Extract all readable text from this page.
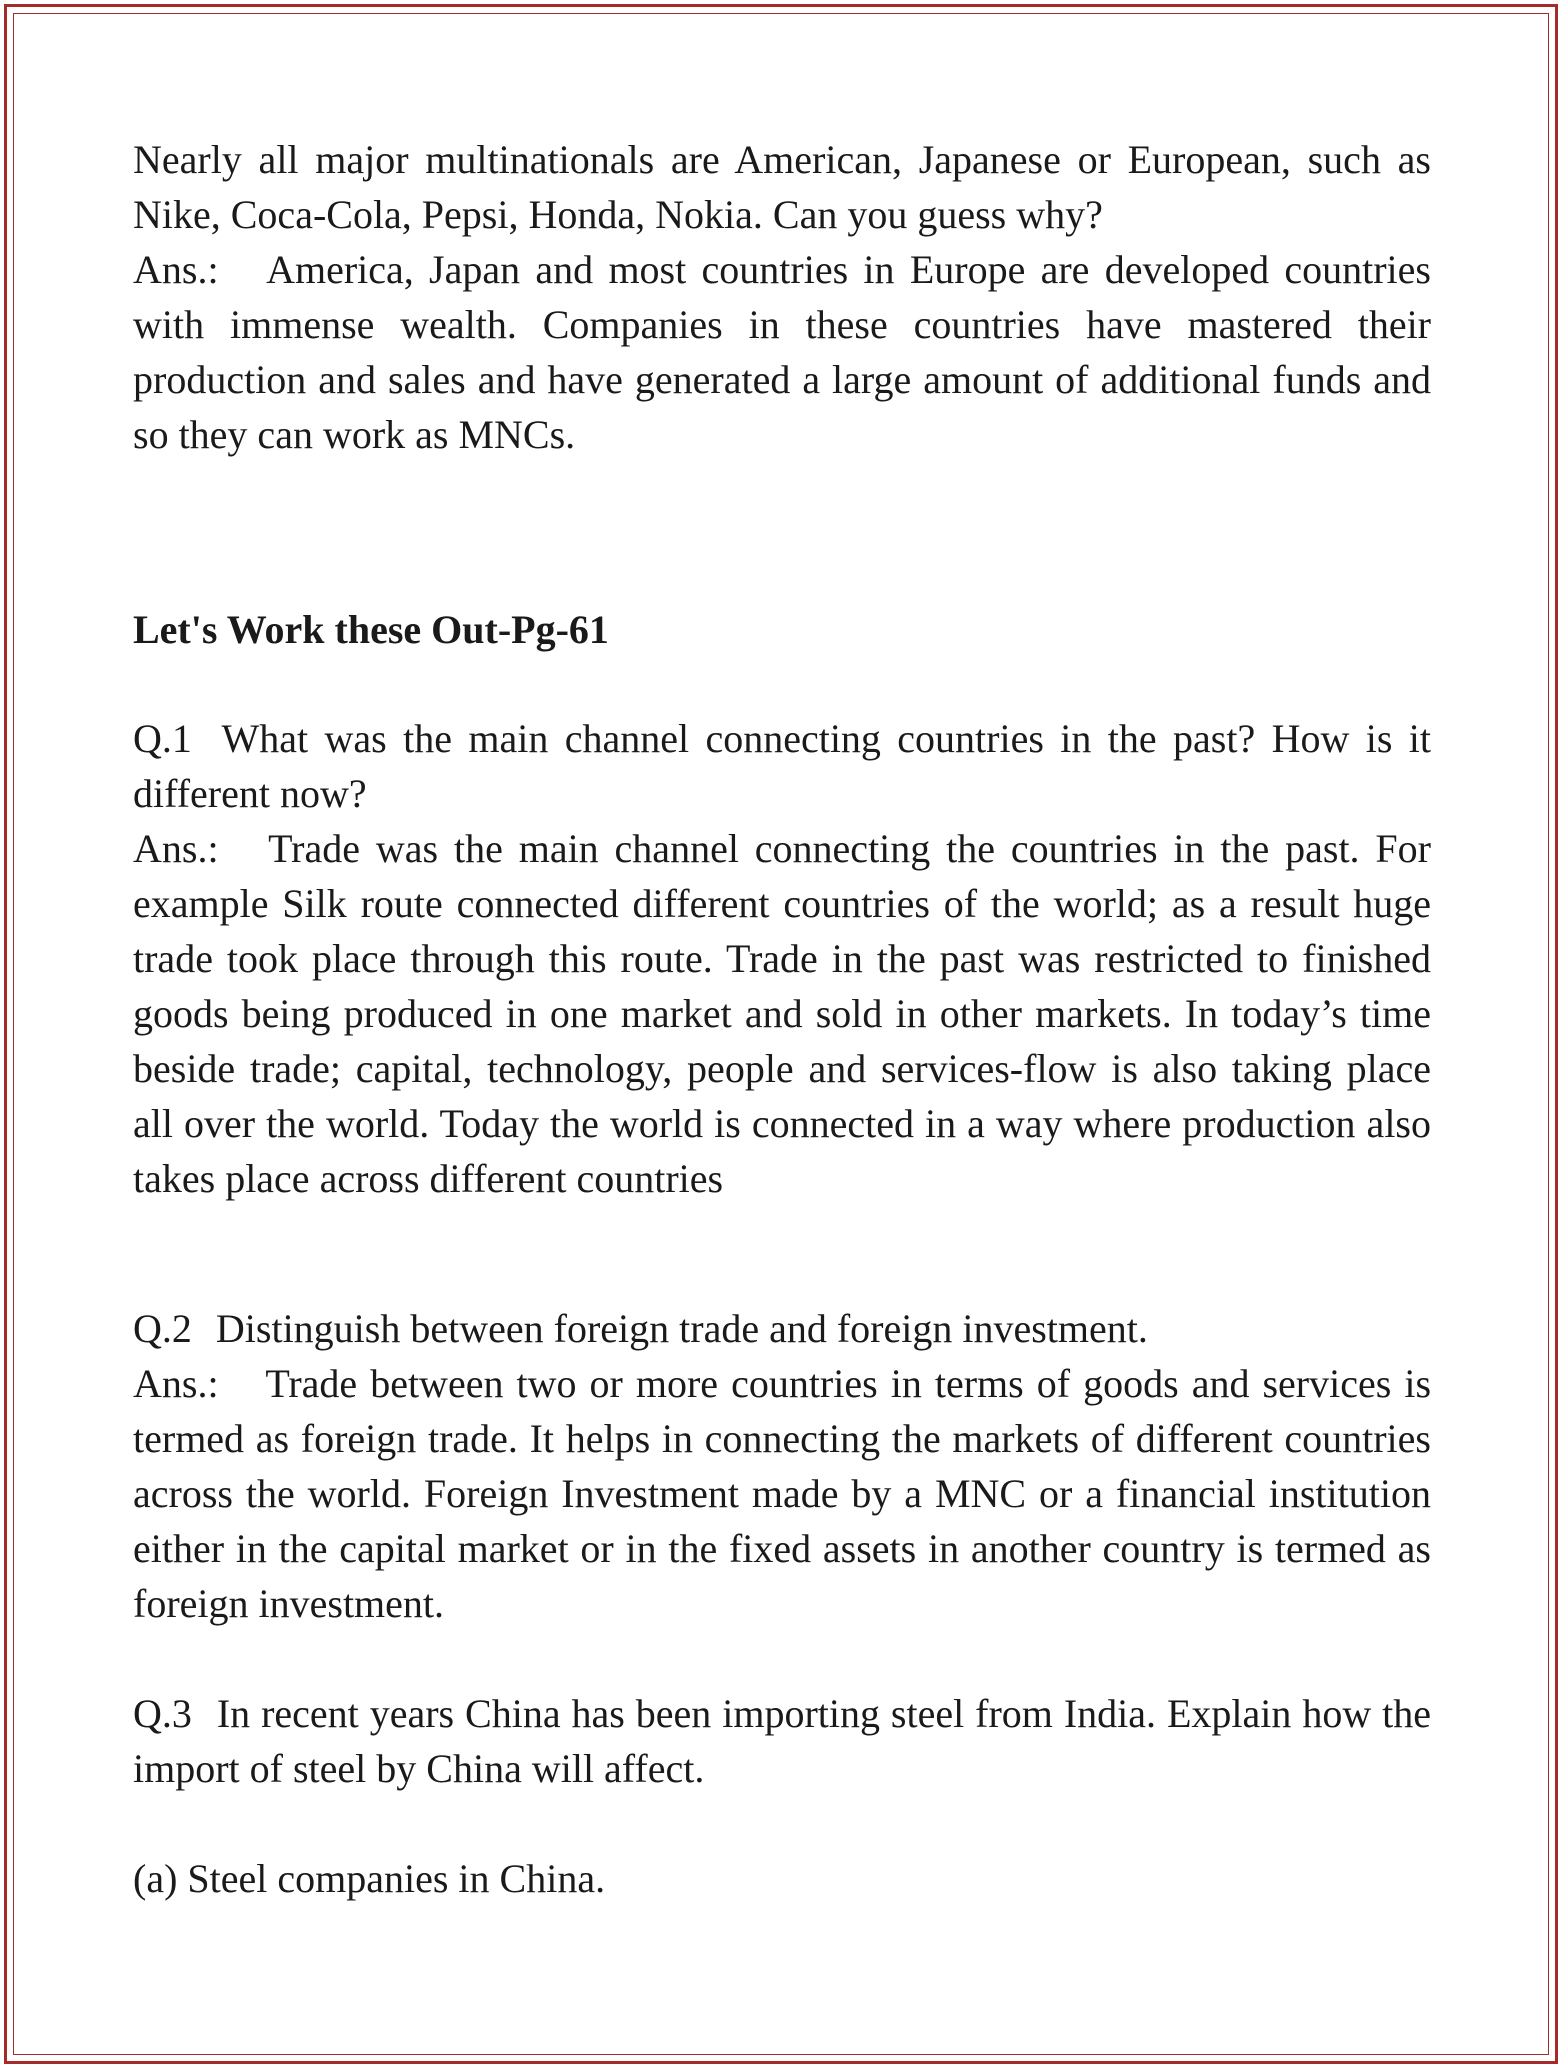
Nearly all major multinationals are American, Japanese or European, such as Nike, Coca-Cola, Pepsi, Honda, Nokia. Can you guess why?

Ans.: America, Japan and most countries in Europe are developed countries with immense wealth. Companies in these countries have mastered their production and sales and have generated a large amount of additional funds and so they can work as MNCs.

Let's Work these Out-Pg-61

Q.1 What was the main channel connecting countries in the past? How is it different now?

Ans.: Trade was the main channel connecting the countries in the past. For example Silk route connected different countries of the world; as a result huge trade took place through this route. Trade in the past was restricted to finished goods being produced in one market and sold in other markets. In today’s time beside trade; capital, technology, people and services-flow is also taking place all over the world. Today the world is connected in a way where production also takes place across different countries

Q.2 Distinguish between foreign trade and foreign investment.

Ans.: Trade between two or more countries in terms of goods and services is termed as foreign trade. It helps in connecting the markets of different countries across the world. Foreign Investment made by a MNC or a financial institution either in the capital market or in the fixed assets in another country is termed as foreign investment.

Q.3 In recent years China has been importing steel from India. Explain how the import of steel by China will affect.

(a) Steel companies in China.
